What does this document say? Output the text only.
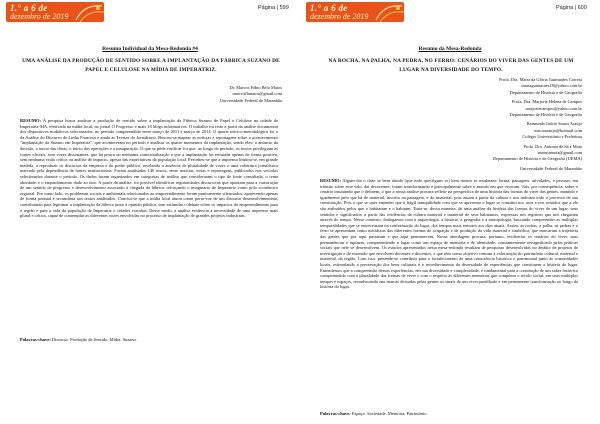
1.° a 6 de
dezembro de 2019
Página | 599
Resumo Individual da Mesa-Redonda #4
UMA ANÁLISE DA PRODUÇÃO DE SENTIDO SOBRE A IMPLANTAÇÃO DA FÁBRICA SUZANO DE PAPEL E CELULOSE NA MÍDIA DE IMPERATRIZ.
Dr. Marcos Fábio Belo Matos
marcosfbmatos@gmail.com
Universidade Federal do Maranhão
RESUMO: A pesquisa busca analisar a produção de sentido sobre a implantação da Fábrica Suzano de Papel e Celulose na cidade de Imperatriz-MA, efetivada na mídia local, no jornal O Progresso e mais 10 blogs informativos. O trabalho foi feito a partir da análise documental dos dispositivos midiáticos selecionados, no período compreendido entre março de 2011 e março de 2014. O aporte teórico-metodológico foi o da Análise do Discurso de Linha Francesa e ainda as Teorias do Jornalismo. Buscou-se mapear as notícias e reportagens sobre o acontecimento "implantação da Suzano em Imperatriz", que aconteceram no período e analisar os quatro momentos da implantação, sendo eles: o anúncio da decisão, o início das obras, o início das operações e a inauguração. O que se pôde verificar foi que, ao longo do período, os textos privilegiam as fontes oficiais, sem vozes dissonantes, que há pouca ou nenhuma contextualização e que a implantação foi retratada apenas de forma positiva, sem nenhuma visão crítica ou análise de impacto, apesar das expectativas da população local. Percebeu-se que a imprensa limitou-se, em grande medida, a reproduzir os discursos da empresa e do poder público, revelando a ausência de pluralidade de vozes e uma cobertura jornalística marcada pela dependência de fontes institucionais. Foram analisados 146 textos, entre notícias, notas e reportagens, publicados nos veículos selecionados durante o período. Os dados foram organizados em categorias de análise que consideraram o tipo de fonte consultada, o tema abordado e o enquadramento dado ao fato. A partir da análise, foi possível identificar regularidades discursivas que apontam para a construção de um sentido de progresso e desenvolvimento associado à chegada da fábrica, reforçando o imaginário de Imperatriz como polo econômico regional. Por outro lado, os problemas sociais e ambientais relacionados ao empreendimento foram praticamente silenciados, aparecendo apenas de forma pontual e secundária nos textos analisados. Conclui-se que a mídia local atuou como porta-voz de um discurso desenvolvimentista, contribuindo para legitimar a implantação da fábrica junto à opinião pública, sem estimular o debate sobre os impactos do empreendimento para a região e para a vida da população de Imperatriz e cidades vizinhas. Desse modo, a análise evidencia a necessidade de uma imprensa mais plural e crítica, capaz de contemplar as diferentes vozes envolvidas no processo de implantação de grandes projetos industriais.
Palavras-chave: Discurso. Produção de Sentido. Mídia. Suzano.
1.° a 6 de
dezembro de 2019
Página | 600
Resumo da Mesa-Redonda
NA ROCHA, NA PALHA, NA PEDRA, NO FERRO: CENÁRIOS DO VIVER DAS GENTES DE UM LUGAR NA DIVERSIDADE DO TEMPO.
Profa. Dra. Maria da Glória Guimarães Correia
mariaguimaraes18@yahoo.com.br
Departamento de História e de Geografia
Profa. Dra. Marjorie Helena de Campos
marjoriecampos@yahoo.com.br
Departamento de História e de Geografia
Raimundo Inácio Souza Araújo
inacioaraujo@hotmail.com
Colégio Universitário e Prefeitura
Profa. Dra. Antonia de Sá e Mota
antoniamota@gmail.com
Departamento de História e de Geografia (UEMA)
Universidade Federal do Maranhão
RESUMO: Algum dia o chão se bem abrido (que tudo que/alguns se) bem menos se mudaram: forma, paisagens, atividades, e pessoas, em trânsito sobre esse solo, daí decorrente; foram transformando e principalmente sobre o mundo em que viveram. Tais, por consequência, sobre o cenário instaurado que o definem, o que a nossa análise procura refletir na perspectiva de uma história das formas do viver das gentes, mantido e igualmente pelo que há de material, inscrito na paisagem, e do imaterial, pois atuam a partir da cultura e nos indicam todo o processo de sua constituição. Pois o que se quer entender que à frágil tranquilidade com que se apresenta o lugar se constitui nos usos e nos sentidos que a ele são atribuídos pelos que o habitaram e o habitam. Trata-se, dessa maneira, de uma análise da história das formas do viver de um lugar, seus sentidos e significados, a partir das evidências da cultura material e imaterial de seus habitantes, expressas nos registros que nos chegaram através do tempo. Nesse contexto, dialogamos com a arqueologia, a história, a geografia e a antropologia, buscando compreender as múltiplas temporalidades que se entrecruzam na conformação do lugar, dos tempos mais remotos aos dias atuais. Assim, as rochas, a palha, as pedras e o ferro se apresentam como metáforas das diferentes formas de ocupação e de produção da vida material e simbólica, que marcaram a trajetória das gentes que por aqui passaram e que aqui permanecem. Nossa abordagem procura, portanto, evidenciar os cenários do viver, suas permanências e rupturas, compreendendo o lugar como um espaço de memória e de identidade, constantemente ressignificado pelas práticas sociais que nele se desenvolvem. Os estudos apresentados nesta mesa-redonda resultam de pesquisas desenvolvidas no âmbito de projetos de investigação e de extensão que envolvem docentes e discentes, e que têm como objetivo comum a valorização do patrimônio cultural, material e imaterial, da região. Com isso, pretende-se contribuir para o fortalecimento de uma consciência histórica e patrimonial junto às comunidades locais, estimulando a preservação dos bens culturais e o reconhecimento da diversidade de experiências que constituem a história do lugar. Entendemos que a compreensão dessas experiências, em sua diversidade e complexidade, é fundamental para a construção de um saber histórico comprometido com a pluralidade das formas de viver e com o respeito às diferentes memórias que compõem o tecido social, em seus múltiplos tempos e espaços, reconhecendo nas marcas deixadas pelas gentes os sinais de um viver partilhado e em permanente transformação ao longo da história do lugar.
Palavras-chave: Espaço. Sociedade. Memória. Patrimônio.
